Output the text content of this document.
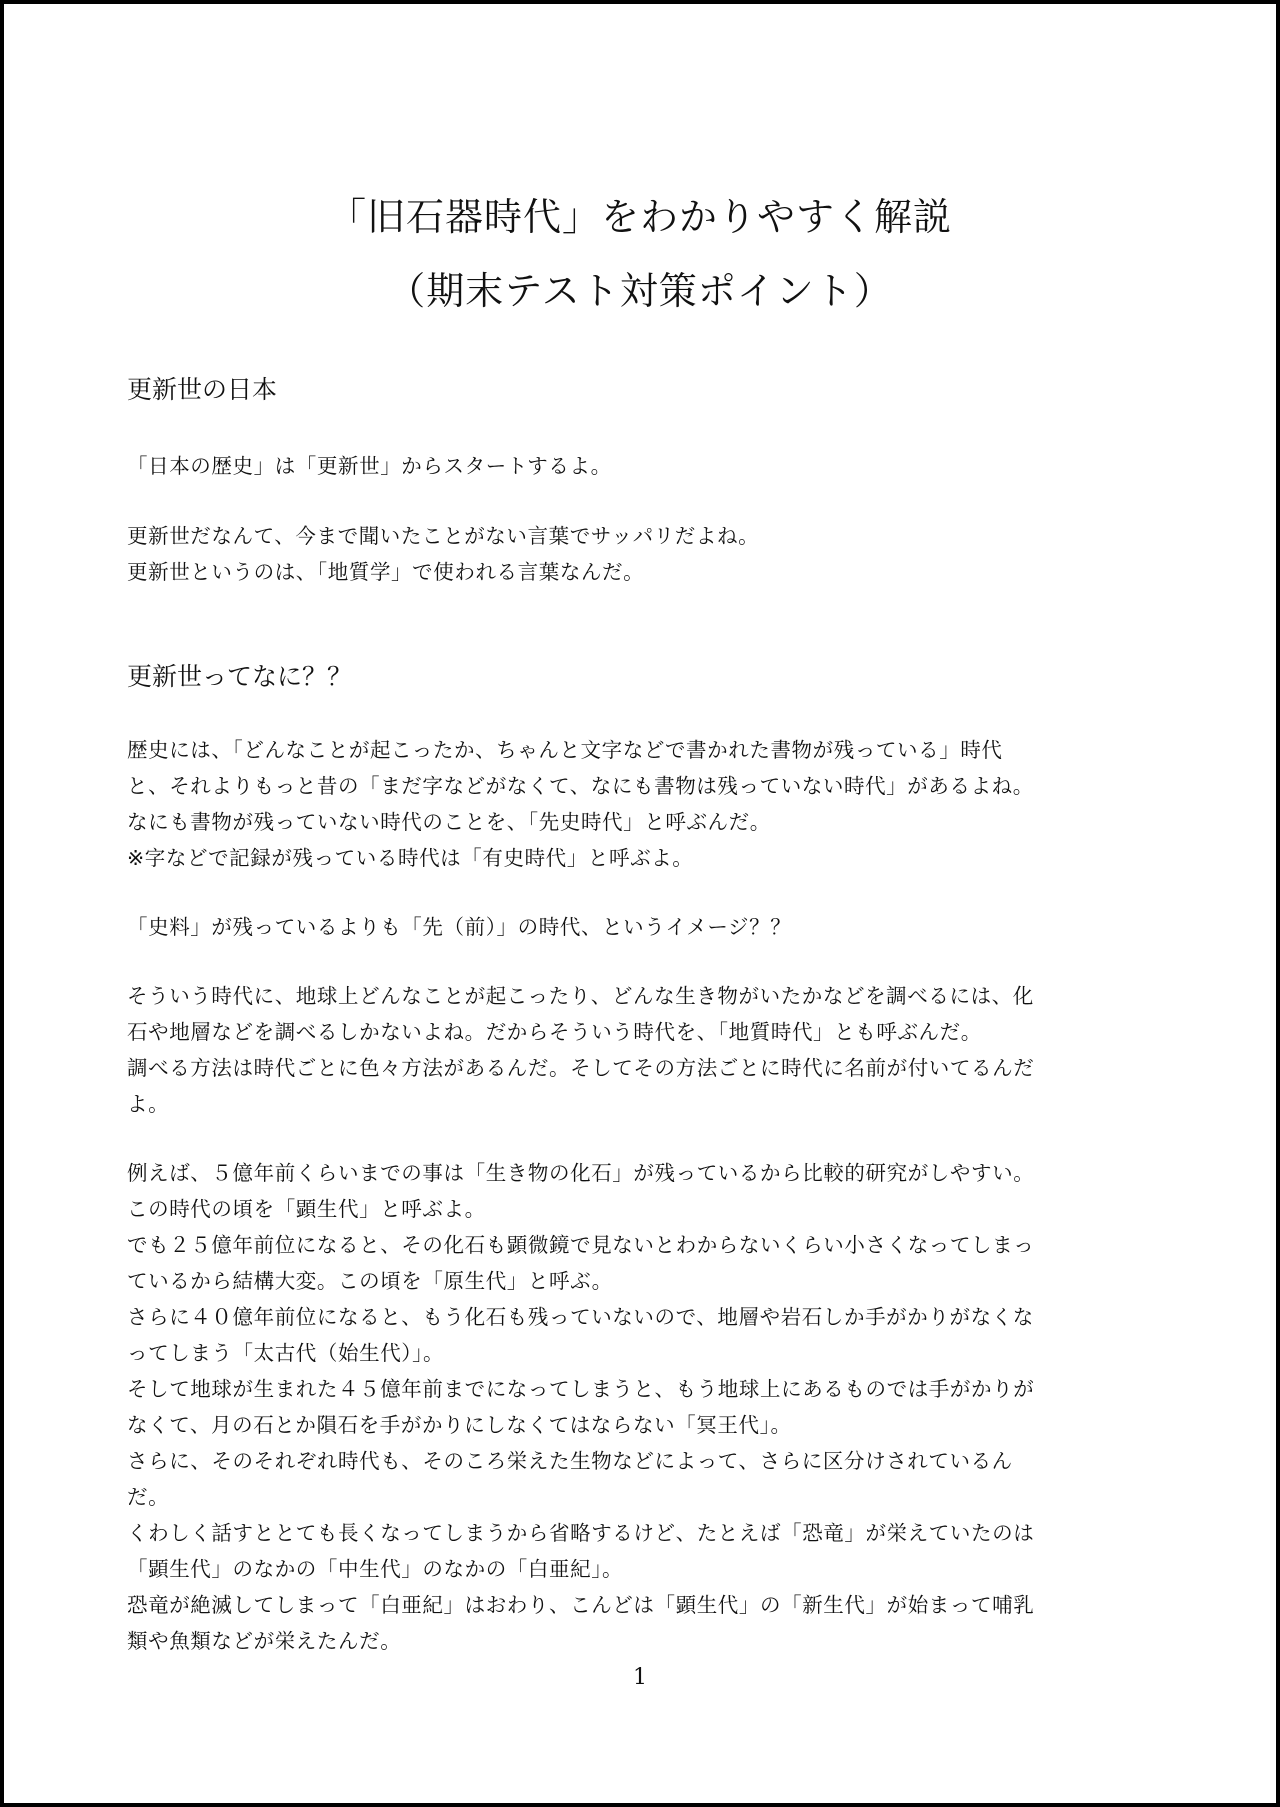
「旧石器時代」をわかりやすく解説
（期末テスト対策ポイント）
更新世の日本
「日本の歴史」は「更新世」からスタートするよ。
更新世だなんて、今まで聞いたことがない言葉でサッパリだよね。
更新世というのは、「地質学」で使われる言葉なんだ。
更新世ってなに？？
歴史には、「どんなことが起こったか、ちゃんと文字などで書かれた書物が残っている」時代
と、それよりもっと昔の「まだ字などがなくて、なにも書物は残っていない時代」があるよね。
なにも書物が残っていない時代のことを、「先史時代」と呼ぶんだ。
※字などで記録が残っている時代は「有史時代」と呼ぶよ。
「史料」が残っているよりも「先（前）」の時代、というイメージ？？
そういう時代に、地球上どんなことが起こったり、どんな生き物がいたかなどを調べるには、化
石や地層などを調べるしかないよね。だからそういう時代を、「地質時代」とも呼ぶんだ。
調べる方法は時代ごとに色々方法があるんだ。そしてその方法ごとに時代に名前が付いてるんだ
よ。
例えば、５億年前くらいまでの事は「生き物の化石」が残っているから比較的研究がしやすい。
この時代の頃を「顕生代」と呼ぶよ。
でも２５億年前位になると、その化石も顕微鏡で見ないとわからないくらい小さくなってしまっ
ているから結構大変。この頃を「原生代」と呼ぶ。
さらに４０億年前位になると、もう化石も残っていないので、地層や岩石しか手がかりがなくな
ってしまう「太古代（始生代）」。
そして地球が生まれた４５億年前までになってしまうと、もう地球上にあるものでは手がかりが
なくて、月の石とか隕石を手がかりにしなくてはならない「冥王代」。
さらに、そのそれぞれ時代も、そのころ栄えた生物などによって、さらに区分けされているん
だ。
くわしく話すととても長くなってしまうから省略するけど、たとえば「恐竜」が栄えていたのは
「顕生代」のなかの「中生代」のなかの「白亜紀」。
恐竜が絶滅してしまって「白亜紀」はおわり、こんどは「顕生代」の「新生代」が始まって哺乳
類や魚類などが栄えたんだ。
1
